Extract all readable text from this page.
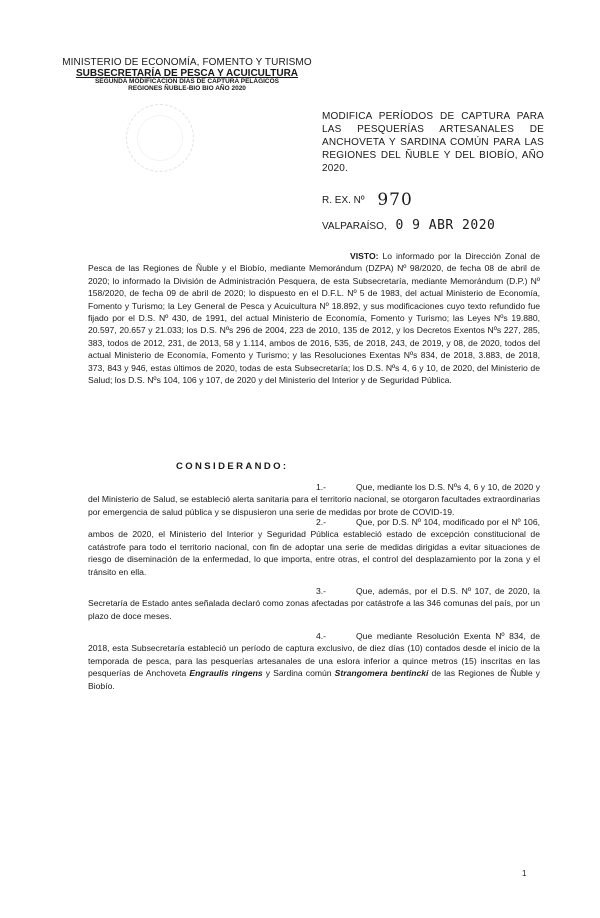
MINISTERIO DE ECONOMÍA, FOMENTO Y TURISMO
SUBSECRETARÍA DE PESCA Y ACUICULTURA
SEGUNDA MODIFICACIÓN DÍAS DE CAPTURA PELÁGICOS
REGIONES ÑUBLE-BIO BIO AÑO 2020
MODIFICA PERÍODOS DE CAPTURA PARA LAS PESQUERÍAS ARTESANALES DE ANCHOVETA Y SARDINA COMÚN PARA LAS REGIONES DEL ÑUBLE Y DEL BIOBÍO, AÑO 2020.
R. EX. Nº 970
VALPARAÍSO, 0 9 ABR 2020
VISTO: Lo informado por la Dirección Zonal de Pesca de las Regiones de Ñuble y el Biobío, mediante Memorándum (DZPA) Nº 98/2020, de fecha 08 de abril de 2020; lo informado la División de Administración Pesquera, de esta Subsecretaría, mediante Memorándum (D.P.) Nº 158/2020, de fecha 09 de abril de 2020; lo dispuesto en el D.F.L. Nº 5 de 1983, del actual Ministerio de Economía, Fomento y Turismo; la Ley General de Pesca y Acuicultura Nº 18.892, y sus modificaciones cuyo texto refundido fue fijado por el D.S. Nº 430, de 1991, del actual Ministerio de Economía, Fomento y Turismo; las Leyes Nºs 19.880, 20.597, 20.657 y 21.033; los D.S. Nºs 296 de 2004, 223 de 2010, 135 de 2012, y los Decretos Exentos Nºs 227, 285, 383, todos de 2012, 231, de 2013, 58 y 1.114, ambos de 2016, 535, de 2018, 243, de 2019, y 08, de 2020, todos del actual Ministerio de Economía, Fomento y Turismo; y las Resoluciones Exentas Nºs 834, de 2018, 3.883, de 2018, 373, 843 y 946, estas últimos de 2020, todas de esta Subsecretaría; los D.S. Nºs 4, 6 y 10, de 2020, del Ministerio de Salud; los D.S. Nºs 104, 106 y 107, de 2020 y del Ministerio del Interior y de Seguridad Pública.
CONSIDERANDO:
1.-	Que, mediante los D.S. Nºs 4, 6 y 10, de 2020 y del Ministerio de Salud, se estableció alerta sanitaria para el territorio nacional, se otorgaron facultades extraordinarias por emergencia de salud pública y se dispusieron una serie de medidas por brote de COVID-19.
2.-	Que, por D.S. Nº 104, modificado por el Nº 106, ambos de 2020, el Ministerio del Interior y Seguridad Pública estableció estado de excepción constitucional de catástrofe para todo el territorio nacional, con fin de adoptar una serie de medidas dirigidas a evitar situaciones de riesgo de diseminación de la enfermedad, lo que importa, entre otras, el control del desplazamiento por la zona y el tránsito en ella.
3.-	Que, además, por el D.S. Nº 107, de 2020, la Secretaría de Estado antes señalada declaró como zonas afectadas por catástrofe a las 346 comunas del país, por un plazo de doce meses.
4.-	Que mediante Resolución Exenta Nº 834, de 2018, esta Subsecretaría estableció un período de captura exclusivo, de diez días (10) contados desde el inicio de la temporada de pesca, para las pesquerías artesanales de una eslora inferior a quince metros (15) inscritas en las pesquerías de Anchoveta Engraulis ringens y Sardina común Strangomera bentincki de las Regiones de Ñuble y Biobío.
1
